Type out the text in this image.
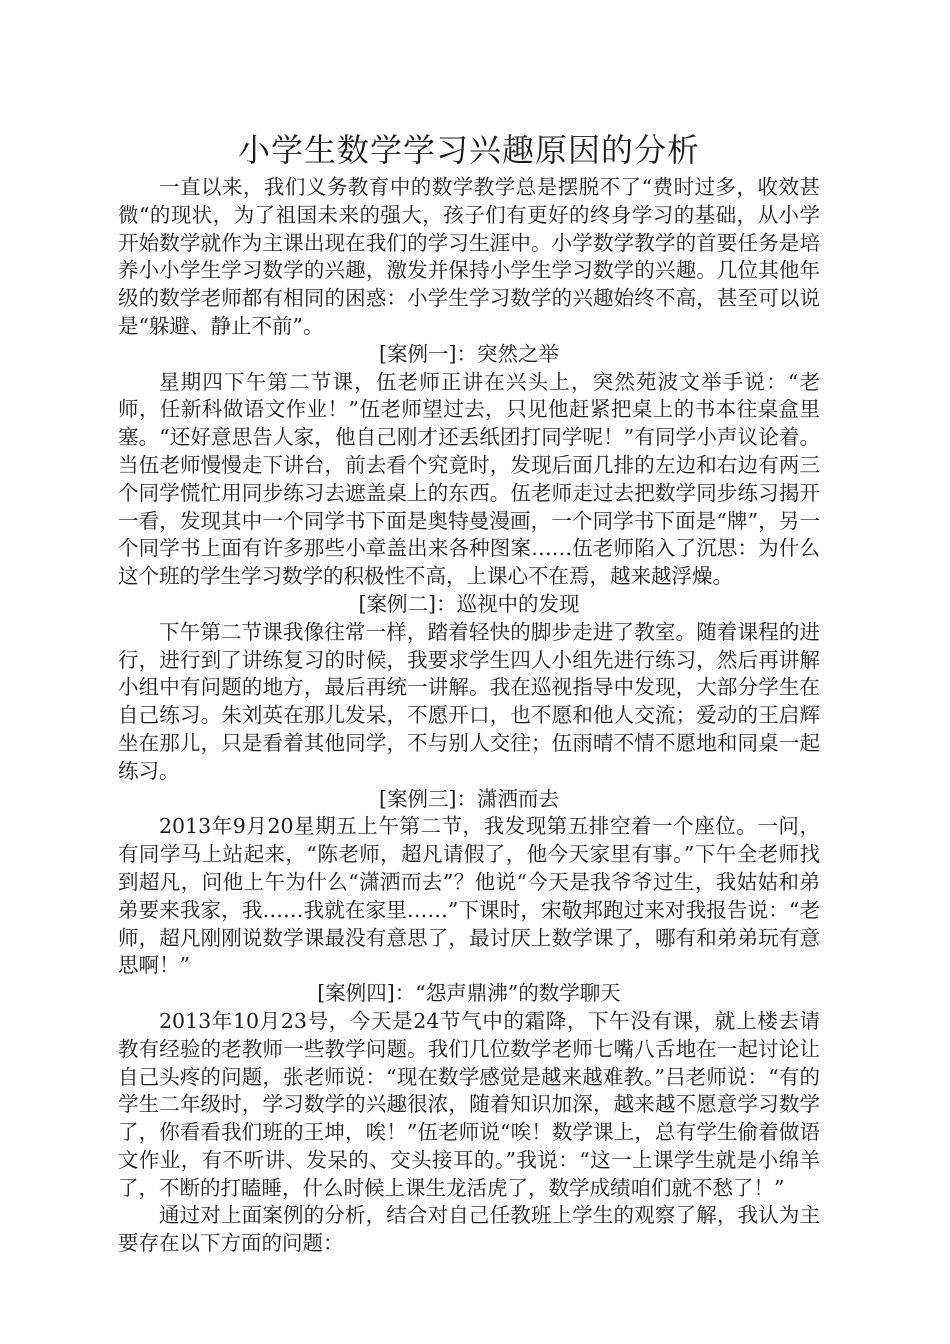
小学生数学学习兴趣原因的分析

一直以来，我们义务教育中的数学教学总是摆脱不了“费时过多，收效甚微“的现状，为了祖国未来的强大，孩子们有更好的终身学习的基础，从小学开始数学就作为主课出现在我们的学习生涯中。小学数学教学的首要任务是培养小小学生学习数学的兴趣，激发并保持小学生学习数学的兴趣。几位其他年级的数学老师都有相同的困惑：小学生学习数学的兴趣始终不高，甚至可以说是“躲避、静止不前”。

[案例一]：突然之举

星期四下午第二节课，伍老师正讲在兴头上，突然苑波文举手说：“老师，任新科做语文作业！”伍老师望过去，只见他赶紧把桌上的书本往桌盒里塞。“还好意思告人家，他自己刚才还丢纸团打同学呢！”有同学小声议论着。当伍老师慢慢走下讲台，前去看个究竟时，发现后面几排的左边和右边有两三个同学慌忙用同步练习去遮盖桌上的东西。伍老师走过去把数学同步练习揭开一看，发现其中一个同学书下面是奥特曼漫画，一个同学书下面是“牌”，另一个同学书上面有许多那些小章盖出来各种图案……伍老师陷入了沉思：为什么这个班的学生学习数学的积极性不高，上课心不在焉，越来越浮燥。

[案例二]：巡视中的发现

下午第二节课我像往常一样，踏着轻快的脚步走进了教室。随着课程的进行，进行到了讲练复习的时候，我要求学生四人小组先进行练习，然后再讲解小组中有问题的地方，最后再统一讲解。我在巡视指导中发现，大部分学生在自己练习。朱刘英在那儿发呆，不愿开口，也不愿和他人交流；爱动的王启辉坐在那儿，只是看着其他同学，不与别人交往；伍雨晴不情不愿地和同桌一起练习。

[案例三]：潇洒而去

2013年9月20星期五上午第二节，我发现第五排空着一个座位。一问，有同学马上站起来，“陈老师，超凡请假了，他今天家里有事。”下午全老师找到超凡，问他上午为什么“潇洒而去”？他说“今天是我爷爷过生，我姑姑和弟弟要来我家，我……我就在家里……”下课时，宋敬邦跑过来对我报告说：“老师，超凡刚刚说数学课最没有意思了，最讨厌上数学课了，哪有和弟弟玩有意思啊！”

[案例四]：“怨声鼎沸”的数学聊天

2013年10月23号，今天是24节气中的霜降，下午没有课，就上楼去请教有经验的老教师一些教学问题。我们几位数学老师七嘴八舌地在一起讨论让自己头疼的问题，张老师说：“现在数学感觉是越来越难教。”吕老师说：“有的学生二年级时，学习数学的兴趣很浓，随着知识加深，越来越不愿意学习数学了，你看看我们班的王坤，唉！”伍老师说“唉！数学课上，总有学生偷着做语文作业，有不听讲、发呆的、交头接耳的。”我说：“这一上课学生就是小绵羊了，不断的打瞌睡，什么时候上课生龙活虎了，数学成绩咱们就不愁了！”

通过对上面案例的分析，结合对自己任教班上学生的观察了解，我认为主要存在以下方面的问题：
